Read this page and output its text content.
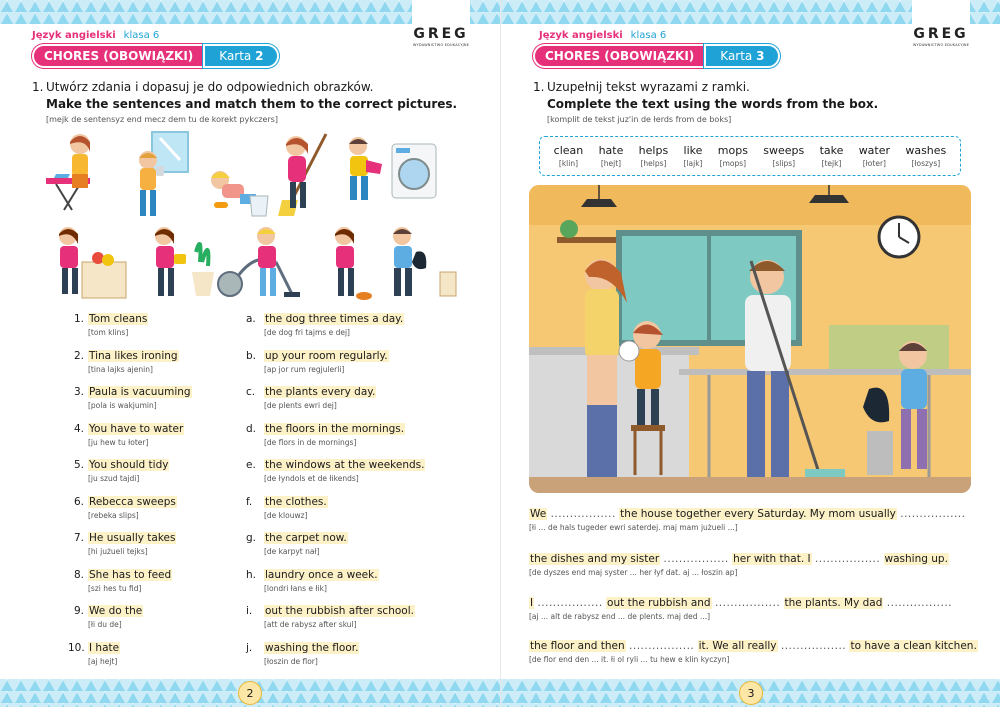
Język angielski klasa 6
CHORES (OBOWIĄZKI)	Karta 2
GREG
WYDAWNICTWO EDUKACYJNE
1. Utwórz zdania i dopasuj je do odpowiednich obrazków.
Make the sentences and match them to the correct pictures.
[mejk de sentensyz end mecz dem tu de korekt pykczers]
1. Tom cleans
[tom klins]
a. the dog three times a day.
[de dog fri tajms e dej]
2. Tina likes ironing
[tina lajks ajenin]
b. up your room regularly.
[ap jor rum regjulerli]
3. Paula is vacuuming
[pola is wakjumin]
c. the plants every day.
[de plents ewri dej]
4. You have to water
[ju hew tu łoter]
d. the floors in the mornings.
[de flors in de mornings]
5. You should tidy
[ju szud tajdi]
e. the windows at the weekends.
[de łyndols et de łikends]
6. Rebecca sweeps
[rebeka slips]
f.	the clothes.
[de klouwz]
7. He usually takes
[hi jużueli tejks]
g. the carpet now.
[de karpyt nał]
8. She has to feed
[szi hes tu fid]
h. laundry once a week.
[londri łans e łik]
9. We do the
[łi du de]
i.	out the rubbish after school.
[att de rabysz after skul]
10. I hate
[aj hejt]
j.	washing the floor.
[łoszin de flor]
2
Język angielski klasa 6
CHORES (OBOWIĄZKI)	Karta 3
GREG
WYDAWNICTWO EDUKACYJNE
1. Uzupełnij tekst wyrazami z ramki.
Complete the text using the words from the box.
[komplit de tekst juz'in de łerds from de boks]
clean
[klin]
hate
[hejt]
helps
[helps]
like
[lajk]
mops
[mops]
sweeps
[slips]
take
[tejk]
water
[łoter]
washes
[łoszys]
We ................. the house together every Saturday. My mom usually .................
[łi ... de hals tugeder ewri saterdej. maj mam jużueli ...]
the dishes and my sister ................. her with that. I ................. washing up.
[de dyszes end maj syster ... her łyf dat. aj ... łoszin ap]
I ................. out the rubbish and ................. the plants. My dad .................
[aj ... alt de rabysz end ... de plents. maj ded ...]
the floor and then ................. it. We all really ................. to have a clean kitchen.
[de flor end den ... it. łi ol ryli ... tu hew e klin kyczyn]
3
